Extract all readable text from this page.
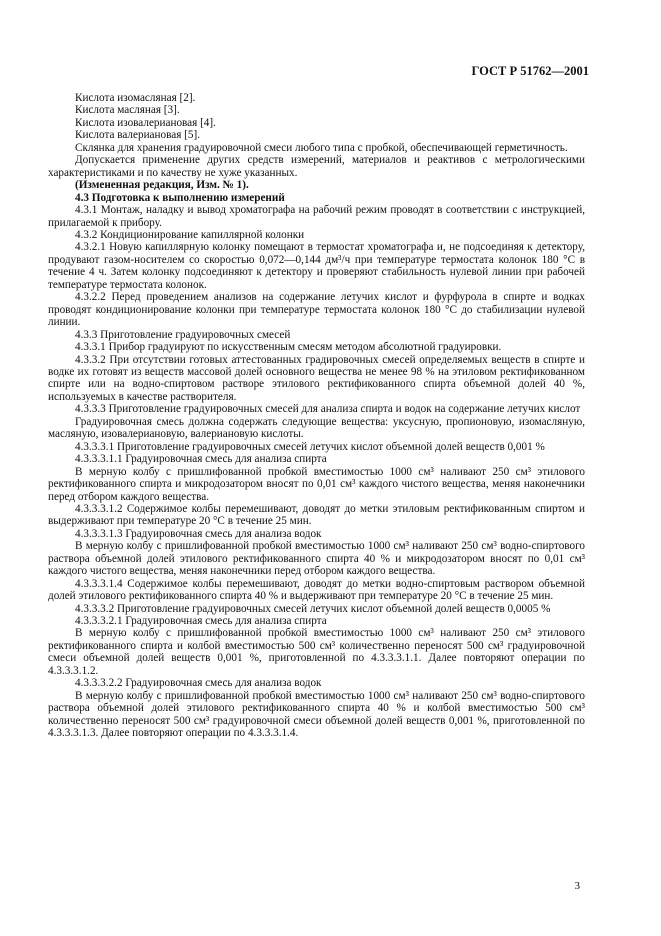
ГОСТ Р 51762—2001

Кислота изомасляная [2].

Кислота масляная [3].

Кислота изовалериановая [4].

Кислота валериановая [5].

Склянка для хранения градуировочной смеси любого типа с пробкой, обеспечивающей герметичность.

Допускается применение других средств измерений, материалов и реактивов с метрологическими характеристиками и по качеству не хуже указанных.

(Измененная редакция, Изм. № 1).

4.3 Подготовка к выполнению измерений

4.3.1 Монтаж, наладку и вывод хроматографа на рабочий режим проводят в соответствии с инструкцией, прилагаемой к прибору.

4.3.2 Кондиционирование капиллярной колонки

4.3.2.1 Новую капиллярную колонку помещают в термостат хроматографа и, не подсоединяя к детектору, продувают газом-носителем со скоростью 0,072—0,144 дм³/ч при температуре термостата колонок 180 °С в течение 4 ч. Затем колонку подсоединяют к детектору и проверяют стабильность нулевой линии при рабочей температуре термостата колонок.

4.3.2.2 Перед проведением анализов на содержание летучих кислот и фурфурола в спирте и водках проводят кондиционирование колонки при температуре термостата колонок 180 °С до стабилизации нулевой линии.

4.3.3 Приготовление градуировочных смесей

4.3.3.1 Прибор градуируют по искусственным смесям методом абсолютной градуировки.

4.3.3.2 При отсутствии готовых аттестованных градировочных смесей определяемых веществ в спирте и водке их готовят из веществ массовой долей основного вещества не менее 98 % на этиловом ректификованном спирте или на водно-спиртовом растворе этилового ректификованного спирта объемной долей 40 %, используемых в качестве растворителя.

4.3.3.3 Приготовление градуировочных смесей для анализа спирта и водок на содержание летучих кислот

Градуировочная смесь должна содержать следующие вещества: уксусную, пропионовую, изомасляную, масляную, изовалериановую, валериановую кислоты.

4.3.3.3.1 Приготовление градуировочных смесей летучих кислот объемной долей веществ 0,001 %

4.3.3.3.1.1 Градуировочная смесь для анализа спирта

В мерную колбу с пришлифованной пробкой вместимостью 1000 см³ наливают 250 см³ этилового ректификованного спирта и микродозатором вносят по 0,01 см³ каждого чистого вещества, меняя наконечники перед отбором каждого вещества.

4.3.3.3.1.2 Содержимое колбы перемешивают, доводят до метки этиловым ректификованным спиртом и выдерживают при температуре 20 °С в течение 25 мин.

4.3.3.3.1.3 Градуировочная смесь для анализа водок

В мерную колбу с пришлифованной пробкой вместимостью 1000 см³ наливают 250 см³ водно-спиртового раствора объемной долей этилового ректификованного спирта 40 % и микродозатором вносят по 0,01 см³ каждого чистого вещества, меняя наконечники перед отбором каждого вещества.

4.3.3.3.1.4 Содержимое колбы перемешивают, доводят до метки водно-спиртовым раствором объемной долей этилового ректификованного спирта 40 % и выдерживают при температуре 20 °С в течение 25 мин.

4.3.3.3.2 Приготовление градуировочных смесей летучих кислот объемной долей веществ 0,0005 %

4.3.3.3.2.1 Градуировочная смесь для анализа спирта

В мерную колбу с пришлифованной пробкой вместимостью 1000 см³ наливают 250 см³ этилового ректификованного спирта и колбой вместимостью 500 см³ количественно переносят 500 см³ градуировочной смеси объемной долей веществ 0,001 %, приготовленной по 4.3.3.3.1.1. Далее повторяют операции по 4.3.3.3.1.2.

4.3.3.3.2.2 Градуировочная смесь для анализа водок

В мерную колбу с пришлифованной пробкой вместимостью 1000 см³ наливают 250 см³ водно-спиртового раствора объемной долей этилового ректификованного спирта 40 % и колбой вместимостью 500 см³ количественно переносят 500 см³ градуировочной смеси объемной долей веществ 0,001 %, приготовленной по 4.3.3.3.1.3. Далее повторяют операции по 4.3.3.3.1.4.

3
